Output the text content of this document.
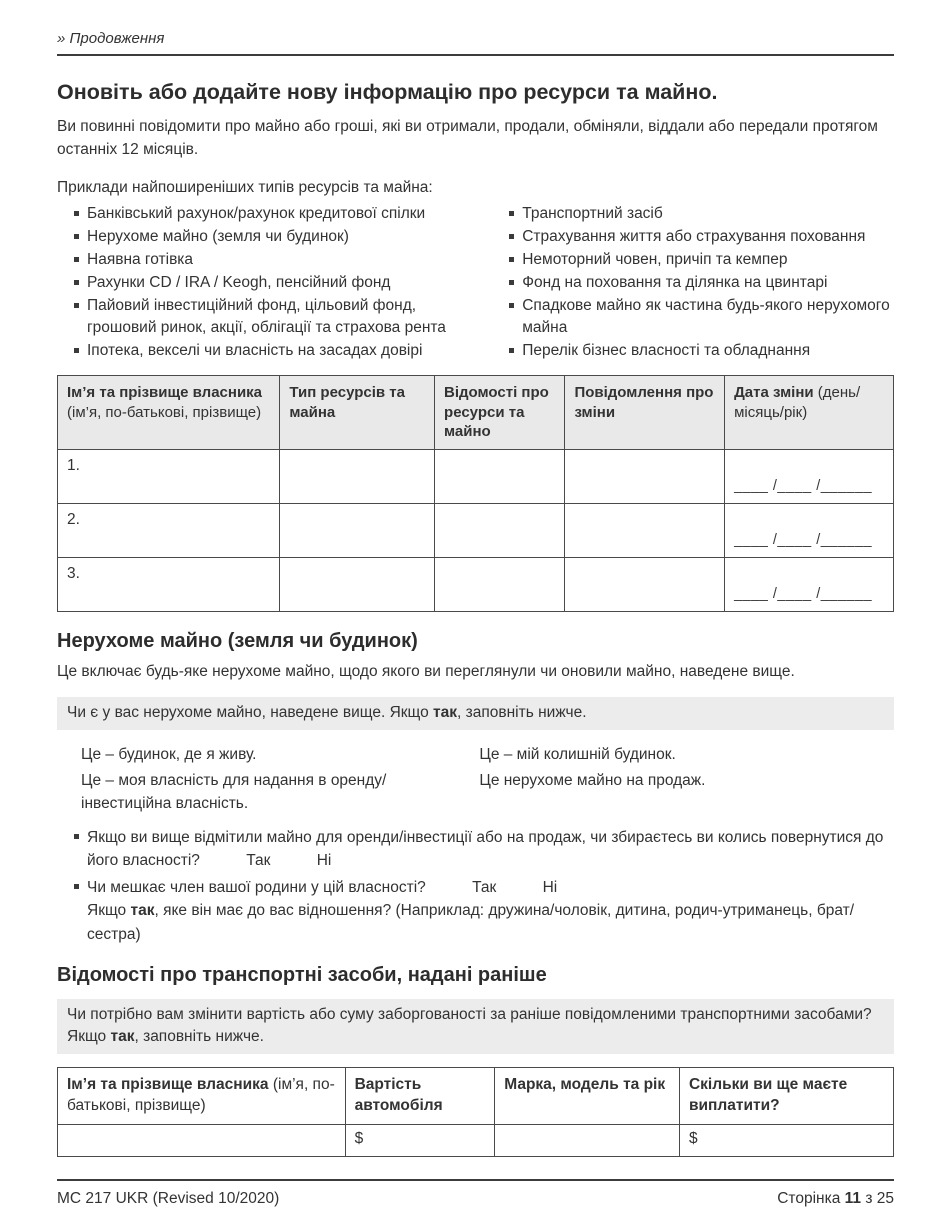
» Продовження
Оновіть або додайте нову інформацію про ресурси та майно.
Ви повинні повідомити про майно або гроші, які ви отримали, продали, обміняли, віддали або передали протягом останніх 12 місяців.
Приклади найпоширеніших типів ресурсів та майна:
Банківський рахунок/рахунок кредитової спілки
Нерухоме майно (земля чи будинок)
Наявна готівка
Рахунки CD / IRA / Keogh, пенсійний фонд
Пайовий інвестиційний фонд, цільовий фонд, грошовий ринок, акції, облігації та страхова рента
Іпотека, векселі чи власність на засадах довірі
Транспортний засіб
Страхування життя або страхування поховання
Немоторний човен, причіп та кемпер
Фонд на поховання та ділянка на цвинтарі
Спадкове майно як частина будь-якого нерухомого майна
Перелік бізнес власності та обладнання
Ім’я та прізвище власника (ім’я, по-батькові, прізвище)	Тип ресурсів та майна	Відомості про ресурси та майно	Повідомлення про зміни	Дата зміни (день/місяць/рік)
1.				____ /____ /______
2.				____ /____ /______
3.				____ /____ /______
Нерухоме майно (земля чи будинок)
Це включає будь-яке нерухоме майно, щодо якого ви переглянули чи оновили майно, наведене вище.
Чи є у вас нерухоме майно, наведене вище. Якщо так, заповніть нижче.
Це – будинок, де я живу.
Це – моя власність для надання в оренду/інвестиційна власність.
Це – мій колишній будинок.
Це нерухоме майно на продаж.
Якщо ви вище відмітили майно для оренди/інвестиції або на продаж, чи збираєтесь ви колись повернутися до його власності?	Так	Ні
Чи мешкає член вашої родини у цій власності?	Так	Ні
Якщо так, яке він має до вас відношення? (Наприклад: дружина/чоловік, дитина, родич-утриманець, брат/сестра)
Відомості про транспортні засоби, надані раніше
Чи потрібно вам змінити вартість або суму заборгованості за раніше повідомленими транспортними засобами? Якщо так, заповніть нижче.
Ім’я та прізвище власника (ім’я, по-батькові, прізвище)	Вартість автомобіля	Марка, модель та рік	Скільки ви ще маєте виплатити?
	$		$
MC 217 UKR (Revised 10/2020)	Сторінка 11 з 25
